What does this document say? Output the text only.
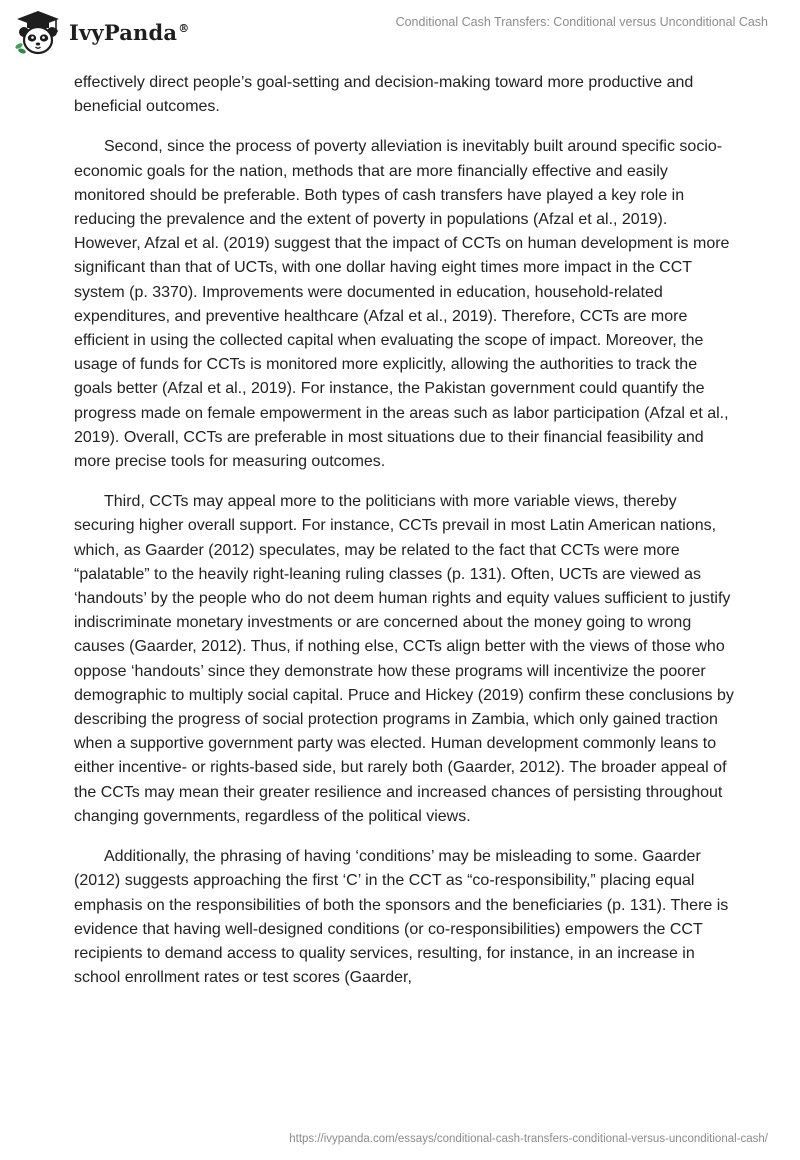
IvyPanda®	Conditional Cash Transfers: Conditional versus Unconditional Cash

effectively direct people’s goal-setting and decision-making toward more productive and beneficial outcomes.

Second, since the process of poverty alleviation is inevitably built around specific socio-economic goals for the nation, methods that are more financially effective and easily monitored should be preferable. Both types of cash transfers have played a key role in reducing the prevalence and the extent of poverty in populations (Afzal et al., 2019). However, Afzal et al. (2019) suggest that the impact of CCTs on human development is more significant than that of UCTs, with one dollar having eight times more impact in the CCT system (p. 3370). Improvements were documented in education, household-related expenditures, and preventive healthcare (Afzal et al., 2019). Therefore, CCTs are more efficient in using the collected capital when evaluating the scope of impact. Moreover, the usage of funds for CCTs is monitored more explicitly, allowing the authorities to track the goals better (Afzal et al., 2019). For instance, the Pakistan government could quantify the progress made on female empowerment in the areas such as labor participation (Afzal et al., 2019). Overall, CCTs are preferable in most situations due to their financial feasibility and more precise tools for measuring outcomes.

Third, CCTs may appeal more to the politicians with more variable views, thereby securing higher overall support. For instance, CCTs prevail in most Latin American nations, which, as Gaarder (2012) speculates, may be related to the fact that CCTs were more “palatable” to the heavily right-leaning ruling classes (p. 131). Often, UCTs are viewed as ‘handouts’ by the people who do not deem human rights and equity values sufficient to justify indiscriminate monetary investments or are concerned about the money going to wrong causes (Gaarder, 2012). Thus, if nothing else, CCTs align better with the views of those who oppose ‘handouts’ since they demonstrate how these programs will incentivize the poorer demographic to multiply social capital. Pruce and Hickey (2019) confirm these conclusions by describing the progress of social protection programs in Zambia, which only gained traction when a supportive government party was elected. Human development commonly leans to either incentive- or rights-based side, but rarely both (Gaarder, 2012). The broader appeal of the CCTs may mean their greater resilience and increased chances of persisting throughout changing governments, regardless of the political views.

Additionally, the phrasing of having ‘conditions’ may be misleading to some. Gaarder (2012) suggests approaching the first ‘C’ in the CCT as “co-responsibility,” placing equal emphasis on the responsibilities of both the sponsors and the beneficiaries (p. 131). There is evidence that having well-designed conditions (or co-responsibilities) empowers the CCT recipients to demand access to quality services, resulting, for instance, in an increase in school enrollment rates or test scores (Gaarder,

https://ivypanda.com/essays/conditional-cash-transfers-conditional-versus-unconditional-cash/
